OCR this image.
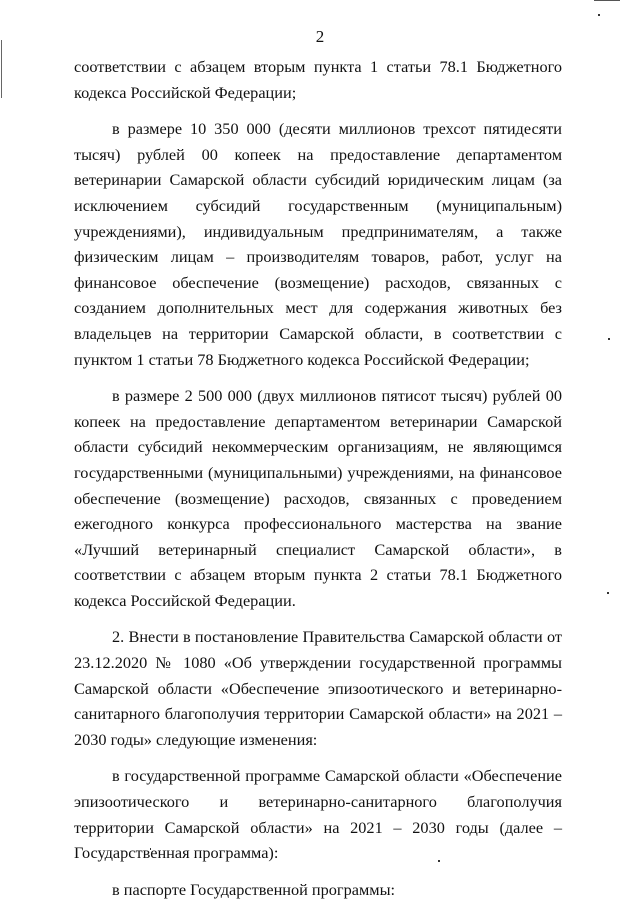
2

соответствии с абзацем вторым пункта 1 статьи 78.1 Бюджетного кодекса Российской Федерации;

в размере 10 350 000 (десяти миллионов трехсот пятидесяти тысяч) рублей 00 копеек на предоставление департаментом ветеринарии Самарской области субсидий юридическим лицам (за исключением субсидий государственным (муниципальным) учреждениями), индивидуальным предпринимателям, а также физическим лицам – производителям товаров, работ, услуг на финансовое обеспечение (возмещение) расходов, связанных с созданием дополнительных мест для содержания животных без владельцев на территории Самарской области, в соответствии с пунктом 1 статьи 78 Бюджетного кодекса Российской Федерации;

в размере 2 500 000 (двух миллионов пятисот тысяч) рублей 00 копеек на предоставление департаментом ветеринарии Самарской области субсидий некоммерческим организациям, не являющимся государственными (муниципальными) учреждениями, на финансовое обеспечение (возмещение) расходов, связанных с проведением ежегодного конкурса профессионального мастерства на звание «Лучший ветеринарный специалист Самарской области», в соответствии с абзацем вторым пункта 2 статьи 78.1 Бюджетного кодекса Российской Федерации.

2. Внести в постановление Правительства Самарской области от 23.12.2020 № 1080 «Об утверждении государственной программы Самарской области «Обеспечение эпизоотического и ветеринарно-санитарного благополучия территории Самарской области» на 2021 – 2030 годы» следующие изменения:

в государственной программе Самарской области «Обеспечение эпизоотического и ветеринарно-санитарного благополучия территории Самарской области» на 2021 – 2030 годы (далее – Государственная программа):

в паспорте Государственной программы:
